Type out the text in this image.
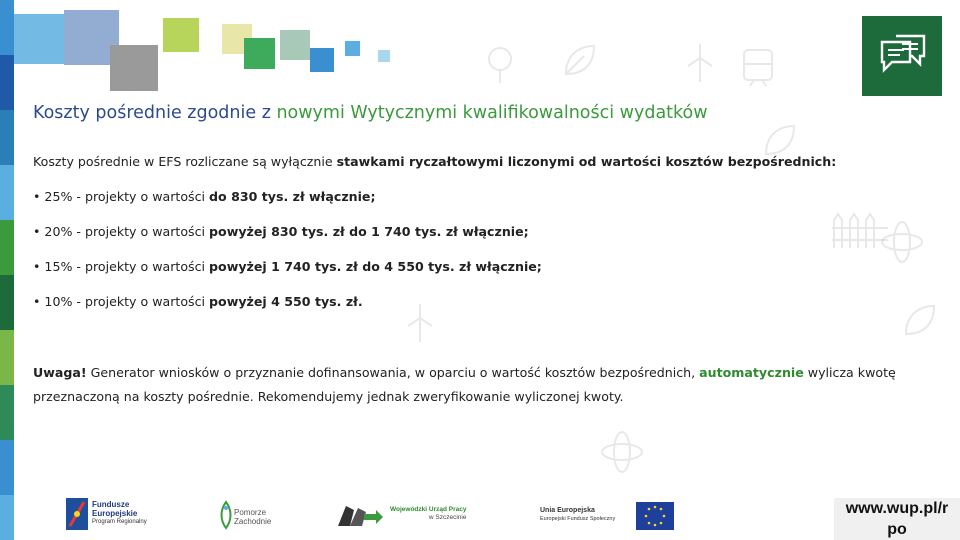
Koszty pośrednie zgodnie z nowymi Wytycznymi kwalifikowalności wydatków
Koszty pośrednie w EFS rozliczane są wyłącznie stawkami ryczałtowymi liczonymi od wartości kosztów bezpośrednich:
• 25% - projekty o wartości do 830 tys. zł włącznie;
• 20% - projekty o wartości powyżej 830 tys. zł do 1 740 tys. zł włącznie;
• 15% - projekty o wartości powyżej 1 740 tys. zł do 4 550 tys. zł włącznie;
• 10% - projekty o wartości powyżej 4 550 tys. zł.
Uwaga! Generator wniosków o przyznanie dofinansowania, w oparciu o wartość kosztów bezpośrednich, automatycznie wylicza kwotę
przeznaczoną na koszty pośrednie. Rekomendujemy jednak zweryfikowanie wyliczonej kwoty.
Fundusze
Europejskie
Program Regionalny
Pomorze
Zachodnie
Wojewódzki Urząd Pracy
w Szczecinie
Unia Europejska
Europejski Fundusz Społeczny
www.wup.pl/r
po
